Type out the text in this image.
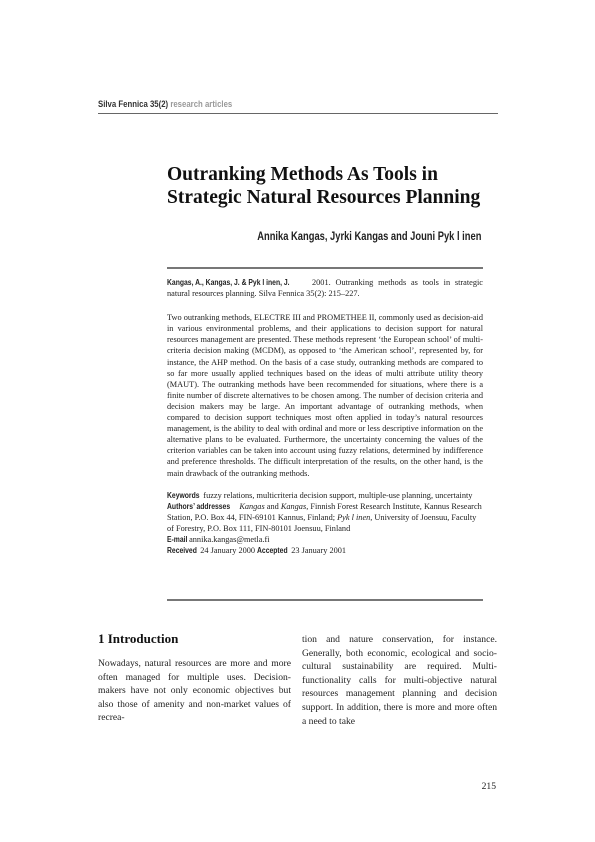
Silva Fennica 35(2) research articles
Outranking Methods As Tools in
Strategic Natural Resources Planning
Annika Kangas, Jyrki Kangas and Jouni Pyk l inen

Kangas, A., Kangas, J. & Pyk l inen, J. 2001. Outranking methods as tools in strategic natural resources planning. Silva Fennica 35(2): 215–227.

Two outranking methods, ELECTRE III and PROMETHEE II, commonly used as decision-aid in various environmental problems, and their applications to decision support for natural resources management are presented. These methods represent ‘the European school’ of multi-criteria decision making (MCDM), as opposed to ‘the American school’, represented by, for instance, the AHP method. On the basis of a case study, outranking methods are compared to so far more usually applied techniques based on the ideas of multi attribute utility theory (MAUT). The outranking methods have been recommended for situations, where there is a finite number of discrete alternatives to be chosen among. The number of decision criteria and decision makers may be large. An important advantage of outranking methods, when compared to decision support techniques most often applied in today’s natural resources management, is the ability to deal with ordinal and more or less descriptive information on the alternative plans to be evaluated. Furthermore, the uncertainty concerning the values of the criterion variables can be taken into account using fuzzy relations, determined by indifference and preference thresholds. The difficult interpretation of the results, on the other hand, is the main drawback of the outranking methods.

Keywords fuzzy relations, multicriteria decision support, multiple-use planning, uncertainty

Authors’ addresses Kangas and Kangas, Finnish Forest Research Institute, Kannus Research Station, P.O. Box 44, FIN-69101 Kannus, Finland; Pyk l inen, University of Joensuu, Faculty of Forestry, P.O. Box 111, FIN-80101 Joensuu, Finland

E-mail annika.kangas@metla.fi

Received 24 January 2000 Accepted 23 January 2001

1 Introduction

Nowadays, natural resources are more and more often managed for multiple uses. Decision-makers have not only economic objectives but also those of amenity and non-market values of recrea-

tion and nature conservation, for instance. Generally, both economic, ecological and socio-cultural sustainability are required. Multi-functionality calls for multi-objective natural resources management planning and decision support. In addition, there is more and more often a need to take

215
